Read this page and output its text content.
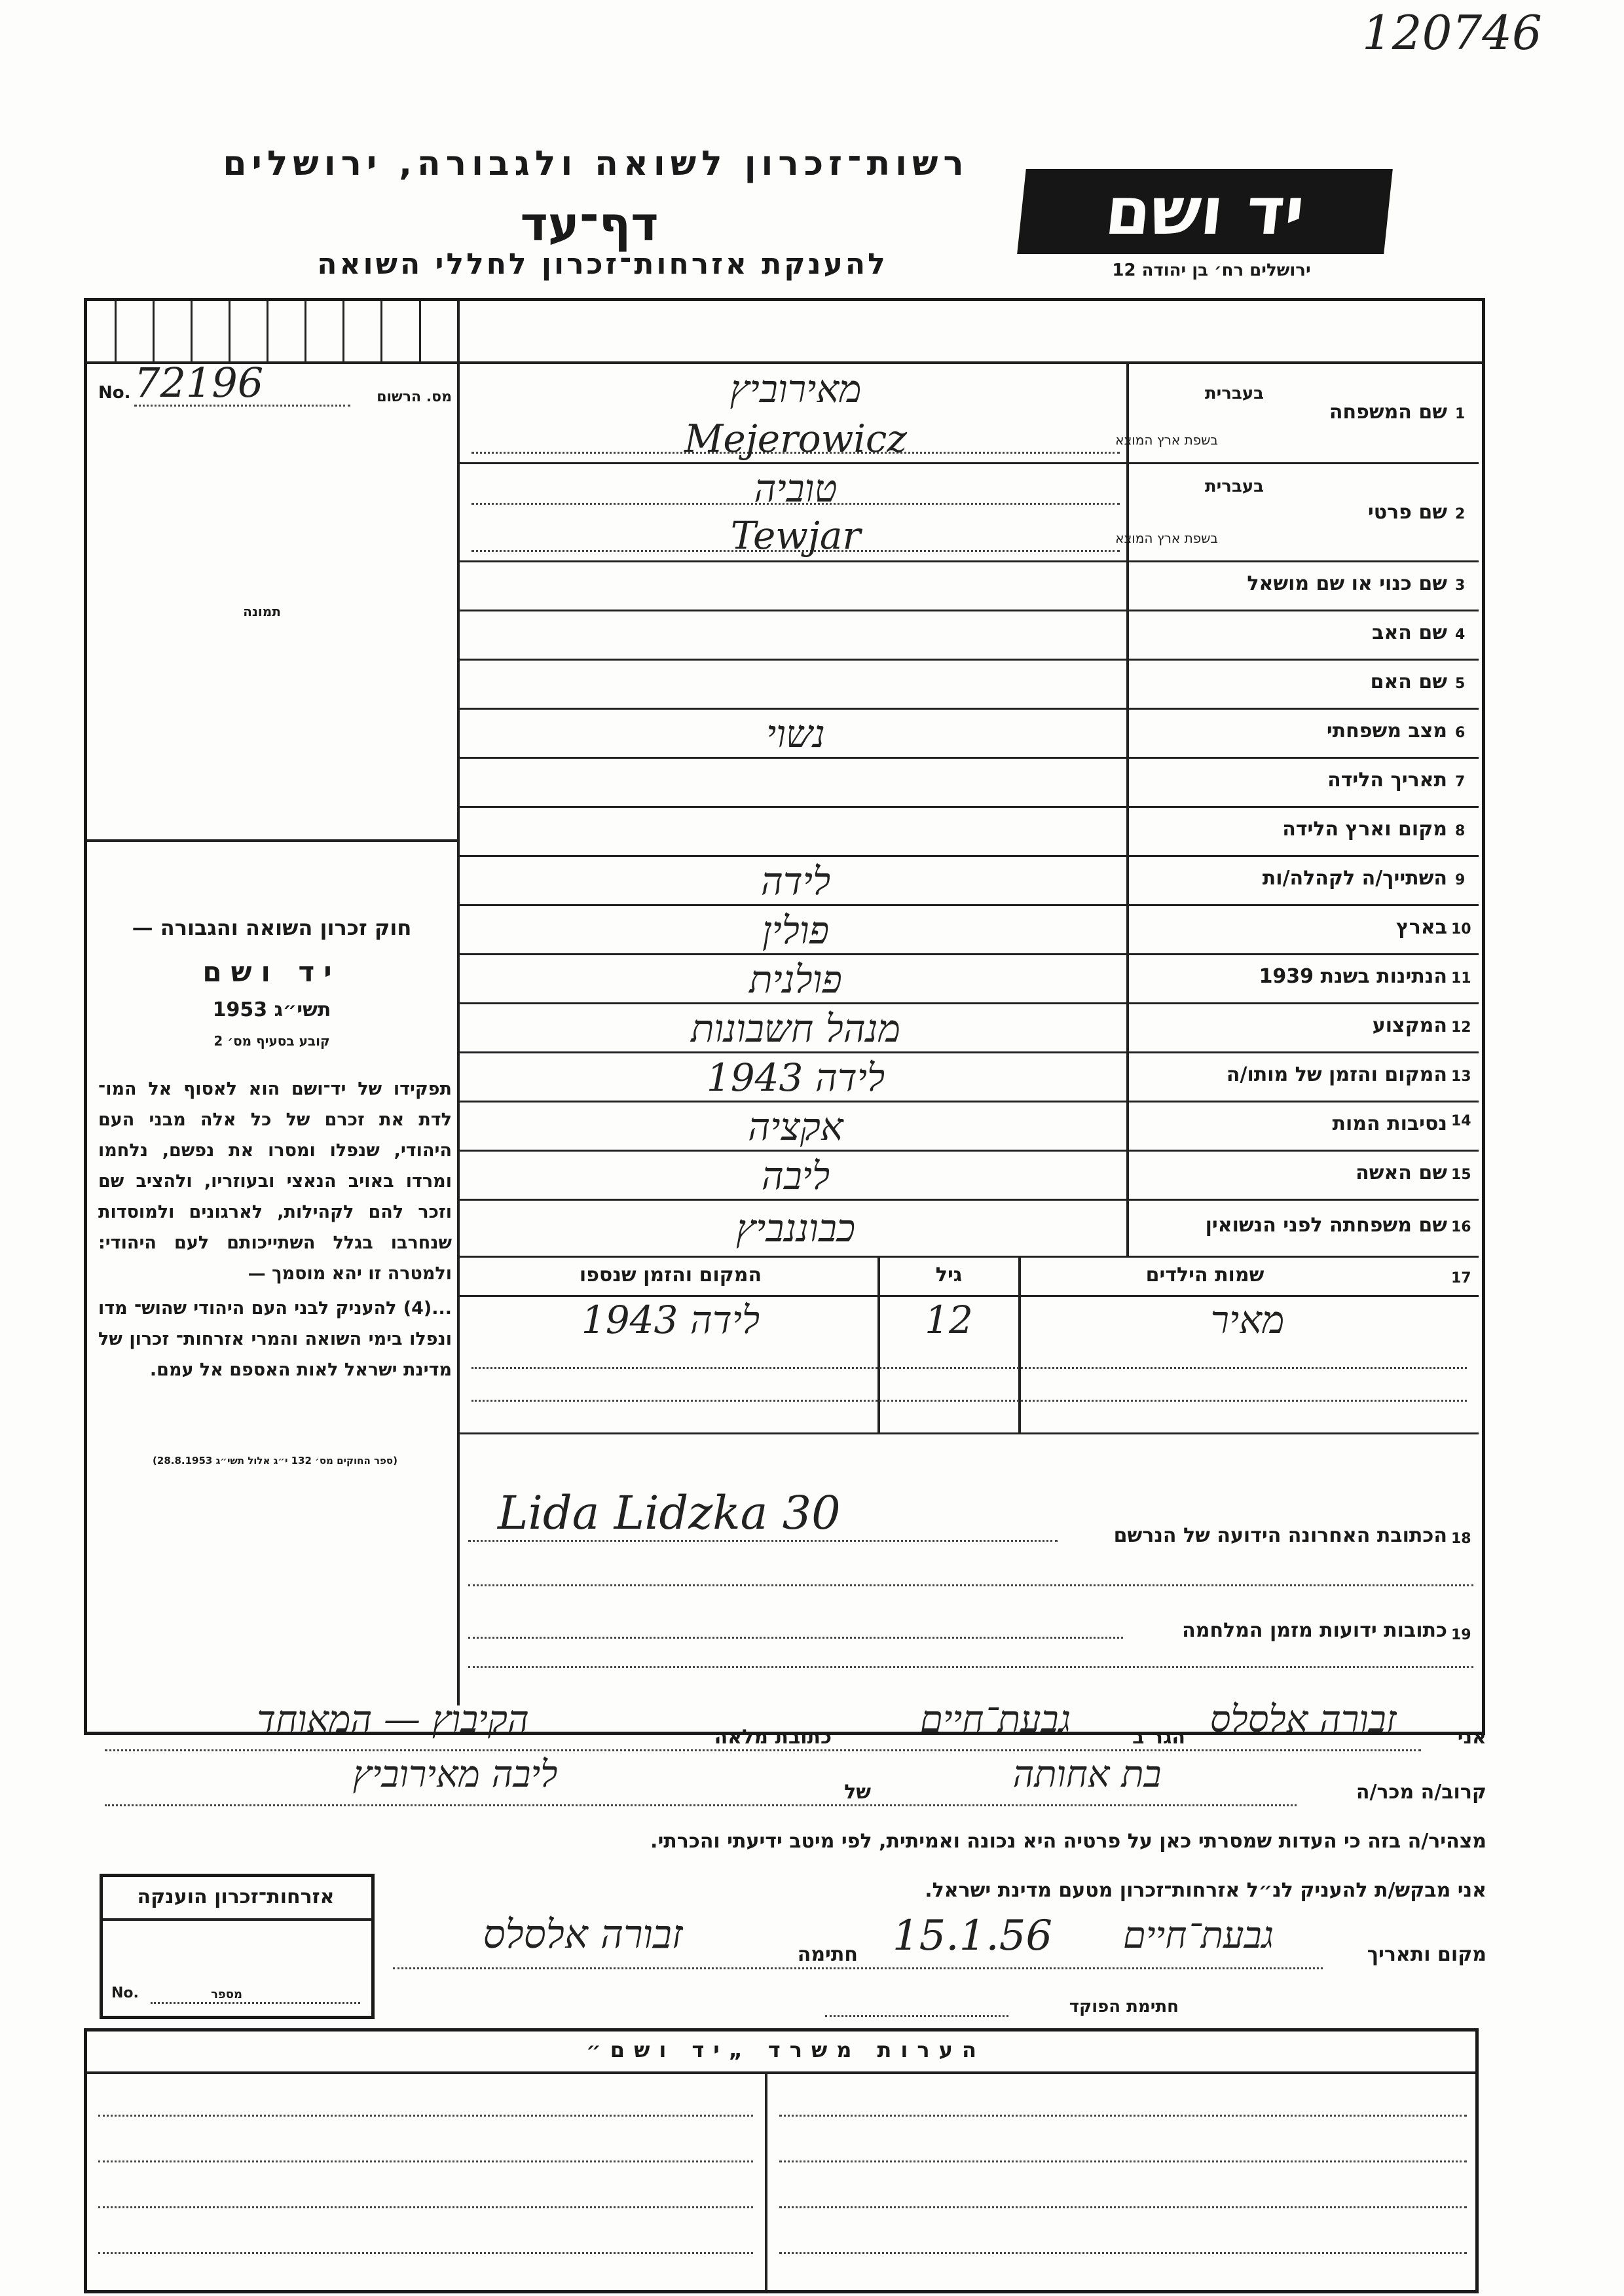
120746
רשות־זכרון לשואה ולגבורה, ירושלים
דף־עד
להענקת אזרחות־זכרון לחללי השואה
יד ושם
ירושלים רח׳ בן יהודה 12
No. 72196	מס. הרשום
תמונה
חוק זכרון השואה והגבורה —
יד ושם
תשי״ג 1953
קובע בסעיף מס׳ 2
תפקידו של יד־ושם הוא לאסוף אל המו־ לדת את זכרם של כל אלה מבני העם היהודי, שנפלו ומסרו את נפשם, נלחמו ומרדו באויב הנאצי ובעוזריו, ולהציב שם וזכר להם לקהילות, לארגונים ולמוסדות שנחרבו בגלל השתייכותם לעם היהודי: ולמטרה זו יהא מוסמך —
...(4) להעניק לבני העם היהודי שהוש־ מדו ונפלו בימי השואה והמרי אזרחות־ זכרון של מדינת ישראל לאות האספם אל עמם.
(ספר החוקים מס׳ 132 י״ג אלול תשי״ג 28.8.1953)
1
שם המשפחה
בעברית
בשפת ארץ המוצא
מאירוביץ
Mejerowicz
2
שם פרטי
בעברית
בשפת ארץ המוצא
טוביה
Tewjar
3
שם כנוי או שם מושאל
4
שם האב
5
שם האם
6
מצב משפחתי
נשוי
7
תאריך הלידה
8
מקום וארץ הלידה
9
השתייך/ה לקהלה/ות
לידה
10
בארץ
פולין
11
הנתינות בשנת 1939
פולנית
12
המקצוע
מנהל חשבונות
13
המקום והזמן של מותו/ה
לידה 1943
14
נסיבות המות
אקציה
15
שם האשה
ליבה
16
שם משפחתה לפני הנשואין
כבוננביץ
17
שמות הילדים
גיל
המקום והזמן שנספו
מאיר
12
לידה 1943
18
הכתובת האחרונה הידועה של הנרשם
Lida Lidzka 30
19
כתובות ידועות מזמן המלחמה
אני
זבורה אלסלס
הגר ב
גבעת־חיים
כתובת מלאה
הקיבוץ — המאוחד
קרוב/ה מכר/ה
בת אחותה
של
ליבה מאירוביץ
מצהיר/ה בזה כי העדות שמסרתי כאן על פרטיה היא נכונה ואמיתית, לפי מיטב ידיעתי והכרתי.
אני מבקש/ת להעניק לנ״ל אזרחות־זכרון מטעם מדינת ישראל.
מקום ותאריך
גבעת־חיים
15.1.56
חתימה
זבורה אלסלס
חתימת הפוקד
אזרחות־זכרון הוענקה
No.	מספר
הערות משרד „יד ושם״
